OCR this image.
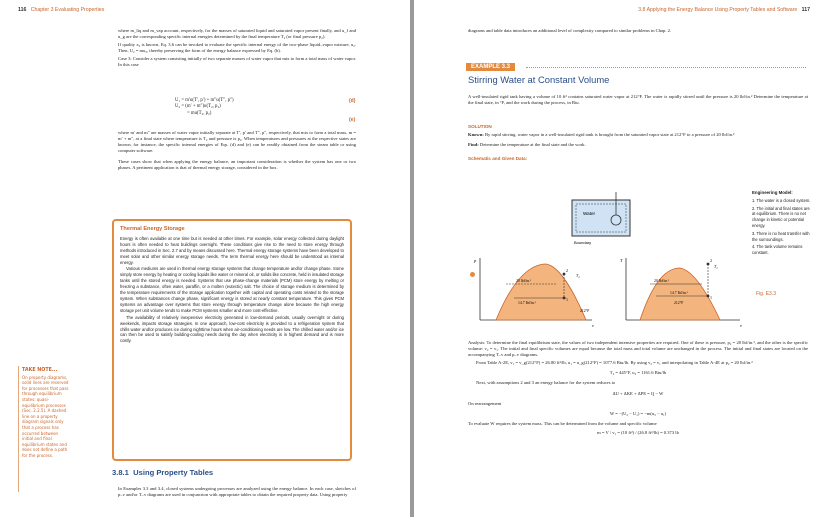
116 Chapter 3 Evaluating Properties

where m_liq and m_vap account, respectively, for the masses of saturated liquid and saturated vapor present finally, and u_f and u_g are the corresponding specific internal energies determined by the final temperature T₂ (or final pressure p₂).

If quality x₂ is known, Eq. 3.6 can be invoked to evaluate the specific internal energy of the two-phase liquid–vapor mixture, u₂. Then, U₂ = mu₂, thereby preserving the form of the energy balance expressed by Eq. (b).

Case 3: Consider a system consisting initially of two separate masses of water vapor that mix to form a total mass of water vapor. In this case

U₁ = m′u(T′, p′) + m″u(T″, p″)
U₂ = (m′ + m″)u(T₂, p₂)
= mu(T₂, p₂)
(d)
(e)

where m′ and m″ are masses of water vapor initially separate at T′, p′ and T″, p″, respectively, that mix to form a total mass, m = m′ + m″, at a final state where temperature is T₂ and pressure is p₂. When temperatures and pressures at the respective states are known, for instance, the specific internal energies of Eqs. (d) and (e) can be readily obtained from the steam table or using computer software.

These cases show that when applying the energy balance, an important consideration is whether the system has one or two phases. A pertinent application is that of thermal energy storage, considered in the box.

Thermal Energy Storage

Energy is often available at one time but is needed at other times. For example, solar energy collected during daylight hours is often needed to heat buildings overnight. These conditions give rise to the need to store energy through methods introduced in Sec. 2.7 and by means discussed here. Thermal energy storage systems have been developed to meet solar and other similar energy storage needs. The term thermal energy here should be understood as internal energy.

Various mediums are used in thermal energy storage systems that change temperature and/or change phase. Some simply store energy by heating or cooling liquids like water or mineral oil, or solids like concrete, held in insulated storage tanks until the stored energy is needed. Systems that use phase-change materials (PCM) store energy by melting or freezing a substance, often water, paraffin, or a molten (eutectic) salt. The choice of storage medium is determined by the temperature requirements of the storage application together with capital and operating costs related to the storage system. When substances change phase, significant energy is stored at nearly constant temperature. This gives PCM systems an advantage over systems that store energy through temperature change alone because the high energy storage per unit volume tends to make PCM systems smaller and more cost-effective.

The availability of relatively inexpensive electricity generated in low-demand periods, usually overnight or during weekends, impacts storage strategies. In one approach, low-cost electricity is provided to a refrigeration system that chills water and/or produces ice during nighttime hours when air-conditioning needs are low. The chilled water and/or ice can then be used to satisfy building-cooling needs during the day when electricity is in highest demand and is more costly.

TAKE NOTE...
On property diagrams, solid lines are reserved for processes that pass through equilibrium states: quasi-equilibrium processes (Sec. 2.2.5). A dashed line on a property diagram signals only that a process has occurred between initial and final equilibrium states and does not define a path for the process.
3.8.1 Using Property Tables
In Examples 3.3 and 3.4, closed systems undergoing processes are analyzed using the energy balance. In each case, sketches of p–v and/or T–v diagrams are used in conjunction with appropriate tables to obtain the required property data. Using property
3.8 Applying the Energy Balance Using Property Tables and Software 117
diagrams and table data introduces an additional level of complexity compared to similar problems in Chap. 2.
EXAMPLE 3.3
Stirring Water at Constant Volume
A well-insulated rigid tank having a volume of 10 ft³ contains saturated water vapor at 212°F. The water is rapidly stirred until the pressure is 20 lbf/in.² Determine the temperature at the final state, in °F, and the work during the process, in Btu.
SOLUTION
Known: By rapid stirring, water vapor in a well-insulated rigid tank is brought from the saturated vapor state at 212°F to a pressure of 20 lbf/in.²
Find: Determine the temperature at the final state and the work.
Schematic and Given Data:
Water
Boundary
p
v
1
2
20 lbf/in.²
14.7 lbf/in.²
T₂
212°F
T
v
1
2
20 lbf/in.²
14.7 lbf/in.²
212°F
T₂
Engineering Model:
1. The water is a closed system.
2. The initial and final states are at equilibrium. There is no net change in kinetic or potential energy.
3. There is no heat transfer with the surroundings.
4. The tank volume remains constant.
Fig. E3.3

Analysis: To determine the final equilibrium state, the values of two independent intensive properties are required. One of these is pressure, p₂ = 20 lbf/in.², and the other is the specific volume: v₂ = v₁. The initial and final specific volumes are equal because the total mass and total volume are unchanged in the process. The initial and final states are located on the accompanying T–v and p–v diagrams.

From Table A-2E, v₁ = v_g(212°F) = 26.80 ft³/lb, u₁ = u_g(212°F) = 1077.6 Btu/lb. By using v₂ = v₁ and interpolating in Table A-4E at p₂ = 20 lbf/in.²

T₂ = 445°F, u₂ = 1161.6 Btu/lb

Next, with assumptions 2 and 3 an energy balance for the system reduces to

ΔU + ΔKE + ΔPE = Q − W

On rearrangement

W = −(U₂ − U₁) = −m(u₂ − u₁)

To evaluate W requires the system mass. This can be determined from the volume and specific volume

m = V / v₁ = (10 ft³) / (26.8 ft³/lb) = 0.373 lb
